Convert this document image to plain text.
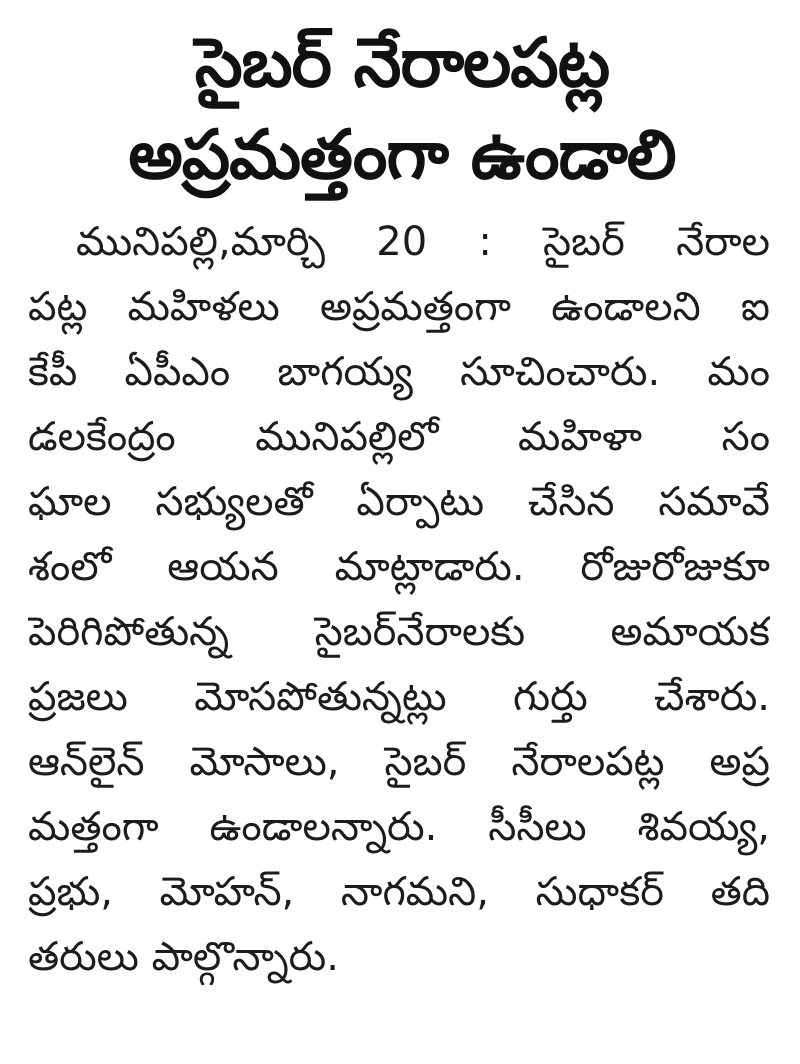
సైబర్ నేరాలపట్ల
అప్రమత్తంగా ఉండాలి
మునిపల్లి,మార్చి 20 : సైబర్ నేరాల
పట్ల మహిళలు అప్రమత్తంగా ఉండాలని ఐ
కేపీ ఏపీఎం బాగయ్య సూచించారు. మం
డలకేంద్రం మునిపల్లిలో మహిళా సం
ఘాల సభ్యులతో ఏర్పాటు చేసిన సమావే
శంలో ఆయన మాట్లాడారు. రోజురోజుకూ
పెరిగిపోతున్న సైబర్‌నేరాలకు అమాయక
ప్రజలు మోసపోతున్నట్లు గుర్తు చేశారు.
ఆన్‌లైన్ మోసాలు, సైబర్ నేరాలపట్ల అప్ర
మత్తంగా ఉండాలన్నారు. సీసీలు శివయ్య,
ప్రభు, మోహన్, నాగమని, సుధాకర్ తది
తరులు పాల్గొన్నారు.
